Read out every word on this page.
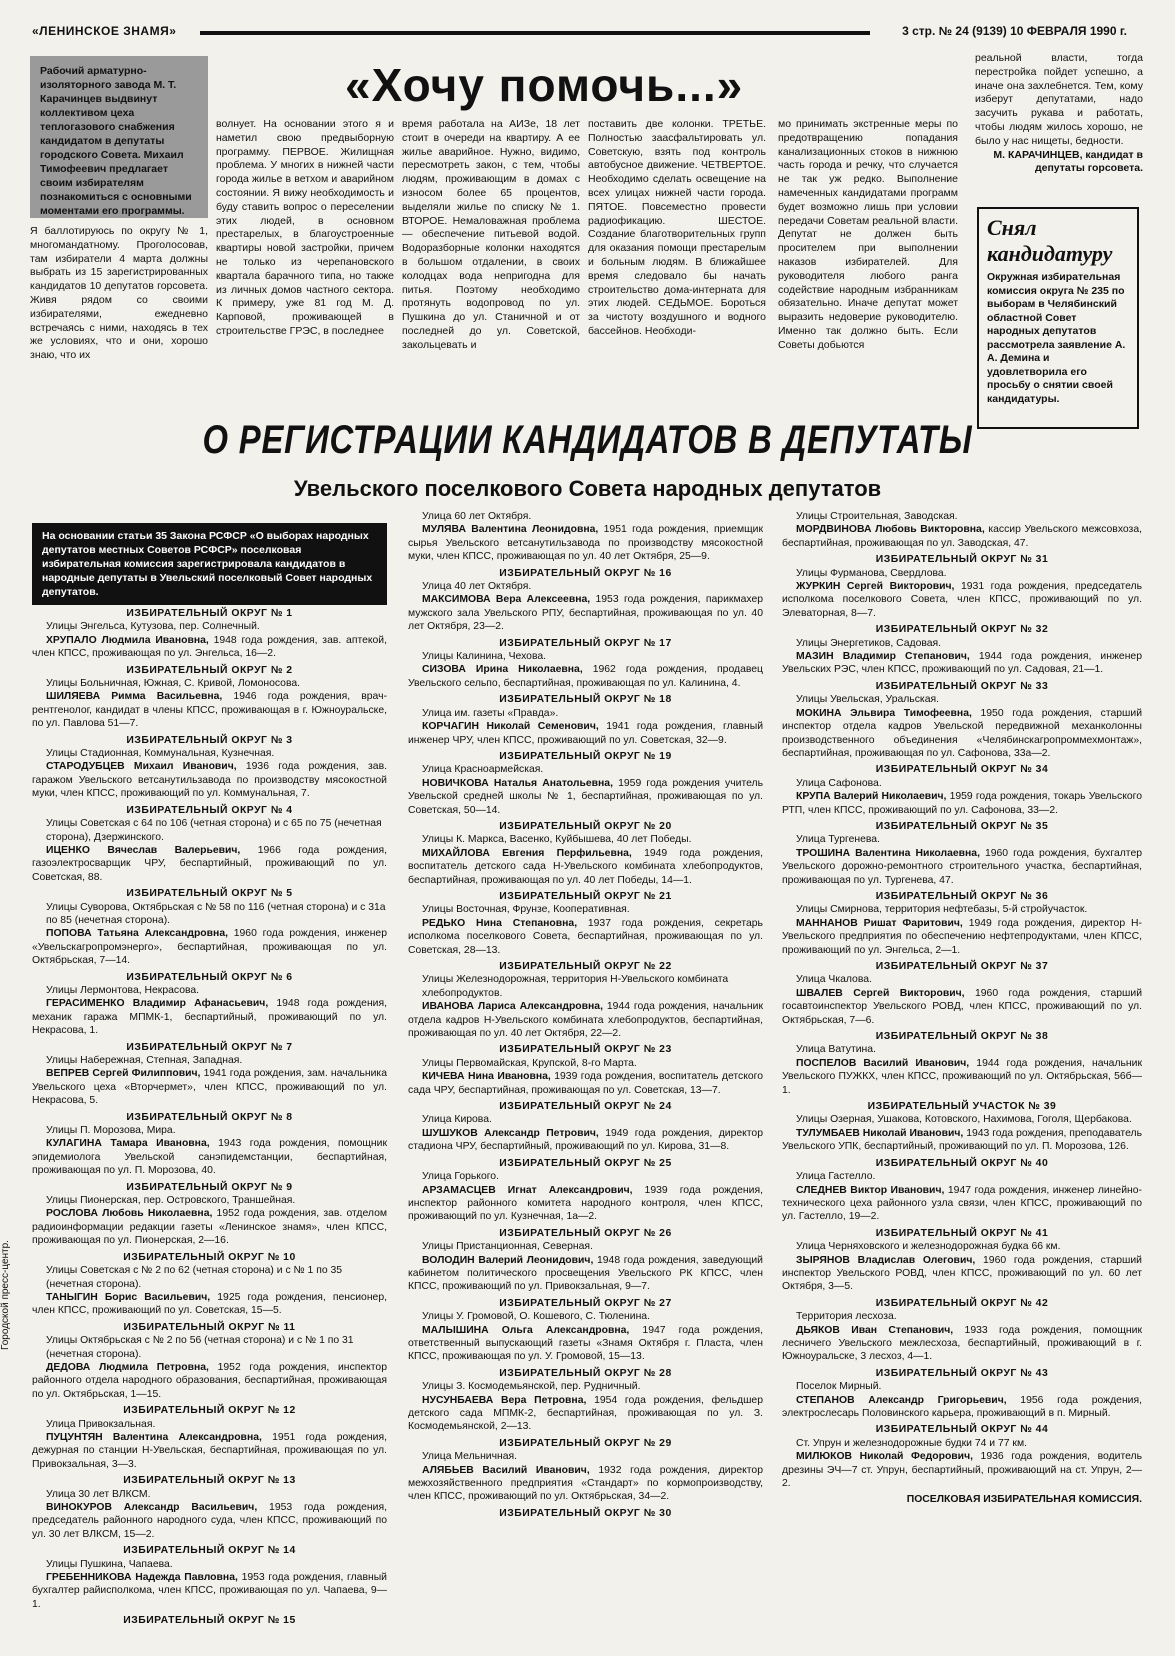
«ЛЕНИНСКОЕ ЗНАМЯ»	3 стр. № 24 (9139) 10 ФЕВРАЛЯ 1990 г.
Рабочий арматурно-изоляторного завода М. Т. Карачинцев выдвинут коллективом цеха теплогазового снабжения кандидатом в депутаты городского Совета. Михаил Тимофеевич предлагает своим избирателям познакомиться с основными моментами его программы.
«Хочу помочь...»

Я баллотируюсь по округу № 1, многомандатному. Проголосовав, там избиратели 4 марта должны выбрать из 15 зарегистрированных кандидатов 10 депутатов горсовета. Живя рядом со своими избирателями, ежедневно встречаясь с ними, находясь в тех же условиях, что и они, хорошо знаю, что их

волнует. На основании этого я и наметил свою предвыборную программу. ПЕРВОЕ. Жилищная проблема. У многих в нижней части города жилье в ветхом и аварийном состоянии. Я вижу необходимость и буду ставить вопрос о переселении этих людей, в основном престарелых, в благоустроенные квартиры новой застройки, причем не только из черепановского квартала барачного типа, но также из личных домов частного сектора. К примеру, уже 81 год М. Д. Карповой, проживающей в строительстве ГРЭС, в последнее

время работала на АИЗе, 18 лет стоит в очереди на квартиру. А ее жилье аварийное. Нужно, видимо, пересмотреть закон, с тем, чтобы людям, проживающим в домах с износом более 65 процентов, выделяли жилье по списку № 1. ВТОРОЕ. Немаловажная проблема — обеспечение питьевой водой. Водоразборные колонки находятся в большом отдалении, в своих колодцах вода непригодна для питья. Поэтому необходимо протянуть водопровод по ул. Пушкина до ул. Станичной и от последней до ул. Советской, закольцевать и

поставить две колонки. ТРЕТЬЕ. Полностью заасфальтировать ул. Советскую, взять под контроль автобусное движение. ЧЕТВЕРТОЕ. Необходимо сделать освещение на всех улицах нижней части города. ПЯТОЕ. Повсеместно провести радиофикацию. ШЕСТОЕ. Создание благотворительных групп для оказания помощи престарелым и больным людям. В ближайшее время следовало бы начать строительство дома-интерната для этих людей. СЕДЬМОЕ. Бороться за чистоту воздушного и водного бассейнов. Необходи-

мо принимать экстренные меры по предотвращению попадания канализационных стоков в нижнюю часть города и речку, что случается не так уж редко. Выполнение намеченных кандидатами программ будет возможно лишь при условии передачи Советам реальной власти. Депутат не должен быть просителем при выполнении наказов избирателей. Для руководителя любого ранга содействие народным избранникам обязательно. Иначе депутат может выразить недоверие руководителю. Именно так должно быть. Если Советы добьются

реальной власти, тогда перестройка пойдет успешно, а иначе она захлебнется. Тем, кому изберут депутатами, надо засучить рукава и работать, чтобы людям жилось хорошо, не было у нас нищеты, бедности.

М. КАРАЧИНЦЕВ, кандидат в депутаты горсовета.

Снял кандидатуру
Окружная избирательная комиссия округа № 235 по выборам в Челябинский областной Совет народных депутатов рассмотрела заявление А. А. Демина и удовлетворила его просьбу о снятии своей кандидатуры.
О РЕГИСТРАЦИИ КАНДИДАТОВ В ДЕПУТАТЫ
Увельского поселкового Совета народных депутатов
На основании статьи 35 Закона РСФСР «О выборах народных депутатов местных Советов РСФСР» поселковая избирательная комиссия зарегистрировала кандидатов в народные депутаты в Увельский поселковый Совет народных депутатов.
ИЗБИРАТЕЛЬНЫЙ ОКРУГ № 1
Улицы Энгельса, Кутузова, пер. Солнечный.
ХРУПАЛО Людмила Ивановна, 1948 года рождения, зав. аптекой, член КПСС, проживающая по ул. Энгельса, 16—2.
ИЗБИРАТЕЛЬНЫЙ ОКРУГ № 2
Улицы Больничная, Южная, С. Кривой, Ломоносова.
ШИЛЯЕВА Римма Васильевна, 1946 года рождения, врач-рентгенолог, кандидат в члены КПСС, проживающая в г. Южноуральске, по ул. Павлова 51—7.
ИЗБИРАТЕЛЬНЫЙ ОКРУГ № 3
Улицы Стадионная, Коммунальная, Кузнечная.
СТАРОДУБЦЕВ Михаил Иванович, 1936 года рождения, зав. гаражом Увельского ветсанутильзавода по производству мясокостной муки, член КПСС, проживающий по ул. Коммунальная, 7.
ИЗБИРАТЕЛЬНЫЙ ОКРУГ № 4
Улицы Советская с 64 по 106 (четная сторона) и с 65 по 75 (нечетная сторона), Дзержинского.
ИЦЕНКО Вячеслав Валерьевич, 1966 года рождения, газоэлектросварщик ЧРУ, беспартийный, проживающий по ул. Советская, 88.
ИЗБИРАТЕЛЬНЫЙ ОКРУГ № 5
Улицы Суворова, Октябрьская с № 58 по 116 (четная сторона) и с 31а по 85 (нечетная сторона).
ПОПОВА Татьяна Александровна, 1960 года рождения, инженер «Увельскагропромэнерго», беспартийная, проживающая по ул. Октябрьская, 7—14.
ИЗБИРАТЕЛЬНЫЙ ОКРУГ № 6
Улицы Лермонтова, Некрасова.
ГЕРАСИМЕНКО Владимир Афанасьевич, 1948 года рождения, механик гаража МПМК-1, беспартийный, проживающий по ул. Некрасова, 1.
ИЗБИРАТЕЛЬНЫЙ ОКРУГ № 7
Улицы Набережная, Степная, Западная.
ВЕПРЕВ Сергей Филиппович, 1941 года рождения, зам. начальника Увельского цеха «Вторчермет», член КПСС, проживающий по ул. Некрасова, 5.
ИЗБИРАТЕЛЬНЫЙ ОКРУГ № 8
Улицы П. Морозова, Мира.
КУЛАГИНА Тамара Ивановна, 1943 года рождения, помощник эпидемиолога Увельской санэпидемстанции, беспартийная, проживающая по ул. П. Морозова, 40.
ИЗБИРАТЕЛЬНЫЙ ОКРУГ № 9
Улицы Пионерская, пер. Островского, Траншейная.
РОСЛОВА Любовь Николаевна, 1952 года рождения, зав. отделом радиоинформации редакции газеты «Ленинское знамя», член КПСС, проживающая по ул. Пионерская, 2—16.
ИЗБИРАТЕЛЬНЫЙ ОКРУГ № 10
Улицы Советская с № 2 по 62 (четная сторона) и с № 1 по 35 (нечетная сторона).
ТАНЫГИН Борис Васильевич, 1925 года рождения, пенсионер, член КПСС, проживающий по ул. Советская, 15—5.
ИЗБИРАТЕЛЬНЫЙ ОКРУГ № 11
Улицы Октябрьская с № 2 по 56 (четная сторона) и с № 1 по 31 (нечетная сторона).
ДЕДОВА Людмила Петровна, 1952 года рождения, инспектор районного отдела народного образования, беспартийная, проживающая по ул. Октябрьская, 1—15.
ИЗБИРАТЕЛЬНЫЙ ОКРУГ № 12
Улица Привокзальная.
ПУЦУНТЯН Валентина Александровна, 1951 года рождения, дежурная по станции Н-Увельская, беспартийная, проживающая по ул. Привокзальная, 3—3.
ИЗБИРАТЕЛЬНЫЙ ОКРУГ № 13
Улица 30 лет ВЛКСМ.
ВИНОКУРОВ Александр Васильевич, 1953 года рождения, председатель районного народного суда, член КПСС, проживающий по ул. 30 лет ВЛКСМ, 15—2.
ИЗБИРАТЕЛЬНЫЙ ОКРУГ № 14
Улицы Пушкина, Чапаева.
ГРЕБЕННИКОВА Надежда Павловна, 1953 года рождения, главный бухгалтер райисполкома, член КПСС, проживающая по ул. Чапаева, 9—1.
ИЗБИРАТЕЛЬНЫЙ ОКРУГ № 15
Улица 60 лет Октября.
МУЛЯВА Валентина Леонидовна, 1951 года рождения, приемщик сырья Увельского ветсанутильзавода по производству мясокостной муки, член КПСС, проживающая по ул. 40 лет Октября, 25—9.
ИЗБИРАТЕЛЬНЫЙ ОКРУГ № 16
Улица 40 лет Октября.
МАКСИМОВА Вера Алексеевна, 1953 года рождения, парикмахер мужского зала Увельского РПУ, беспартийная, проживающая по ул. 40 лет Октября, 23—2.
ИЗБИРАТЕЛЬНЫЙ ОКРУГ № 17
Улицы Калинина, Чехова.
СИЗОВА Ирина Николаевна, 1962 года рождения, продавец Увельского сельпо, беспартийная, проживающая по ул. Калинина, 4.
ИЗБИРАТЕЛЬНЫЙ ОКРУГ № 18
Улица им. газеты «Правда».
КОРЧАГИН Николай Семенович, 1941 года рождения, главный инженер ЧРУ, член КПСС, проживающий по ул. Советская, 32—9.
ИЗБИРАТЕЛЬНЫЙ ОКРУГ № 19
Улица Красноармейская.
НОВИЧКОВА Наталья Анатольевна, 1959 года рождения учитель Увельской средней школы № 1, беспартийная, проживающая по ул. Советская, 50—14.
ИЗБИРАТЕЛЬНЫЙ ОКРУГ № 20
Улицы К. Маркса, Васенко, Куйбышева, 40 лет Победы.
МИХАЙЛОВА Евгения Перфильевна, 1949 года рождения, воспитатель детского сада Н-Увельского комбината хлебопродуктов, беспартийная, проживающая по ул. 40 лет Победы, 14—1.
ИЗБИРАТЕЛЬНЫЙ ОКРУГ № 21
Улицы Восточная, Фрунзе, Кооперативная.
РЕДЬКО Нина Степановна, 1937 года рождения, секретарь исполкома поселкового Совета, беспартийная, проживающая по ул. Советская, 28—13.
ИЗБИРАТЕЛЬНЫЙ ОКРУГ № 22
Улицы Железнодорожная, территория Н-Увельского комбината хлебопродуктов.
ИВАНОВА Лариса Александровна, 1944 года рождения, начальник отдела кадров Н-Увельского комбината хлебопродуктов, беспартийная, проживающая по ул. 40 лет Октября, 22—2.
ИЗБИРАТЕЛЬНЫЙ ОКРУГ № 23
Улицы Первомайская, Крупской, 8-го Марта.
КИЧЕВА Нина Ивановна, 1939 года рождения, воспитатель детского сада ЧРУ, беспартийная, проживающая по ул. Советская, 13—7.
ИЗБИРАТЕЛЬНЫЙ ОКРУГ № 24
Улица Кирова.
ШУШУКОВ Александр Петрович, 1949 года рождения, директор стадиона ЧРУ, беспартийный, проживающий по ул. Кирова, 31—8.
ИЗБИРАТЕЛЬНЫЙ ОКРУГ № 25
Улица Горького.
АРЗАМАСЦЕВ Игнат Александрович, 1939 года рождения, инспектор районного комитета народного контроля, член КПСС, проживающий по ул. Кузнечная, 1а—2.
ИЗБИРАТЕЛЬНЫЙ ОКРУГ № 26
Улицы Пристанционная, Северная.
ВОЛОДИН Валерий Леонидович, 1948 года рождения, заведующий кабинетом политического просвещения Увельского РК КПСС, член КПСС, проживающий по ул. Привокзальная, 9—7.
ИЗБИРАТЕЛЬНЫЙ ОКРУГ № 27
Улицы У. Громовой, О. Кошевого, С. Тюленина.
МАЛЫШИНА Ольга Александровна, 1947 года рождения, ответственный выпускающий газеты «Знамя Октября г. Пласта, член КПСС, проживающая по ул. У. Громовой, 15—13.
ИЗБИРАТЕЛЬНЫЙ ОКРУГ № 28
Улицы З. Космодемьянской, пер. Рудничный.
НУСУНБАЕВА Вера Петровна, 1954 года рождения, фельдшер детского сада МПМК-2, беспартийная, проживающая по ул. З. Космодемьянской, 2—13.
ИЗБИРАТЕЛЬНЫЙ ОКРУГ № 29
Улица Мельничная.
АЛЯБЬЕВ Василий Иванович, 1932 года рождения, директор межхозяйственного предприятия «Стандарт» по кормопроизводству, член КПСС, проживающий по ул. Октябрьская, 34—2.
ИЗБИРАТЕЛЬНЫЙ ОКРУГ № 30
Улицы Строительная, Заводская.
МОРДВИНОВА Любовь Викторовна, кассир Увельского межсовхоза, беспартийная, проживающая по ул. Заводская, 47.
ИЗБИРАТЕЛЬНЫЙ ОКРУГ № 31
Улицы Фурманова, Свердлова.
ЖУРКИН Сергей Викторович, 1931 года рождения, председатель исполкома поселкового Совета, член КПСС, проживающий по ул. Элеваторная, 8—7.
ИЗБИРАТЕЛЬНЫЙ ОКРУГ № 32
Улицы Энергетиков, Садовая.
МАЗИН Владимир Степанович, 1944 года рождения, инженер Увельских РЭС, член КПСС, проживающий по ул. Садовая, 21—1.
ИЗБИРАТЕЛЬНЫЙ ОКРУГ № 33
Улицы Увельская, Уральская.
МОКИНА Эльвира Тимофеевна, 1950 года рождения, старший инспектор отдела кадров Увельской передвижной механколонны производственного объединения «Челябинскагропроммехмонтаж», беспартийная, проживающая по ул. Сафонова, 33а—2.
ИЗБИРАТЕЛЬНЫЙ ОКРУГ № 34
Улица Сафонова.
КРУПА Валерий Николаевич, 1959 года рождения, токарь Увельского РТП, член КПСС, проживающий по ул. Сафонова, 33—2.
ИЗБИРАТЕЛЬНЫЙ ОКРУГ № 35
Улица Тургенева.
ТРОШИНА Валентина Николаевна, 1960 года рождения, бухгалтер Увельского дорожно-ремонтного строительного участка, беспартийная, проживающая по ул. Тургенева, 47.
ИЗБИРАТЕЛЬНЫЙ ОКРУГ № 36
Улицы Смирнова, территория нефтебазы, 5-й стройучасток.
МАННАНОВ Ришат Фаритович, 1949 года рождения, директор Н-Увельского предприятия по обеспечению нефтепродуктами, член КПСС, проживающий по ул. Энгельса, 2—1.
ИЗБИРАТЕЛЬНЫЙ ОКРУГ № 37
Улица Чкалова.
ШВАЛЕВ Сергей Викторович, 1960 года рождения, старший госавтоинспектор Увельского РОВД, член КПСС, проживающий по ул. Октябрьская, 7—6.
ИЗБИРАТЕЛЬНЫЙ ОКРУГ № 38
Улица Ватутина.
ПОСПЕЛОВ Василий Иванович, 1944 года рождения, начальник Увельского ПУЖКХ, член КПСС, проживающий по ул. Октябрьская, 56б—1.
ИЗБИРАТЕЛЬНЫЙ УЧАСТОК № 39
Улицы Озерная, Ушакова, Котовского, Нахимова, Гоголя, Щербакова.
ТУЛУМБАЕВ Николай Иванович, 1943 года рождения, преподаватель Увельского УПК, беспартийный, проживающий по ул. П. Морозова, 126.
ИЗБИРАТЕЛЬНЫЙ ОКРУГ № 40
Улица Гастелло.
СЛЕДНЕВ Виктор Иванович, 1947 года рождения, инженер линейно-технического цеха районного узла связи, член КПСС, проживающий по ул. Гастелло, 19—2.
ИЗБИРАТЕЛЬНЫЙ ОКРУГ № 41
Улица Черняховского и железнодорожная будка 66 км.
ЗЫРЯНОВ Владислав Олегович, 1960 года рождения, старший инспектор Увельского РОВД, член КПСС, проживающий по ул. 60 лет Октября, 3—5.
ИЗБИРАТЕЛЬНЫЙ ОКРУГ № 42
Территория лесхоза.
ДЬЯКОВ Иван Степанович, 1933 года рождения, помощник лесничего Увельского межлесхоза, беспартийный, проживающий в г. Южноуральске, 3 лесхоз, 4—1.
ИЗБИРАТЕЛЬНЫЙ ОКРУГ № 43
Поселок Мирный.
СТЕПАНОВ Александр Григорьевич, 1956 года рождения, электрослесарь Половинского карьера, проживающий в п. Мирный.
ИЗБИРАТЕЛЬНЫЙ ОКРУГ № 44
Ст. Упрун и железнодорожные будки 74 и 77 км.
МИЛЮКОВ Николай Федорович, 1936 года рождения, водитель дрезины ЭЧ—7 ст. Упрун, беспартийный, проживающий на ст. Упрун, 2—2.
ПОСЕЛКОВАЯ ИЗБИРАТЕЛЬНАЯ КОМИССИЯ.
Городской пресс-центр.
